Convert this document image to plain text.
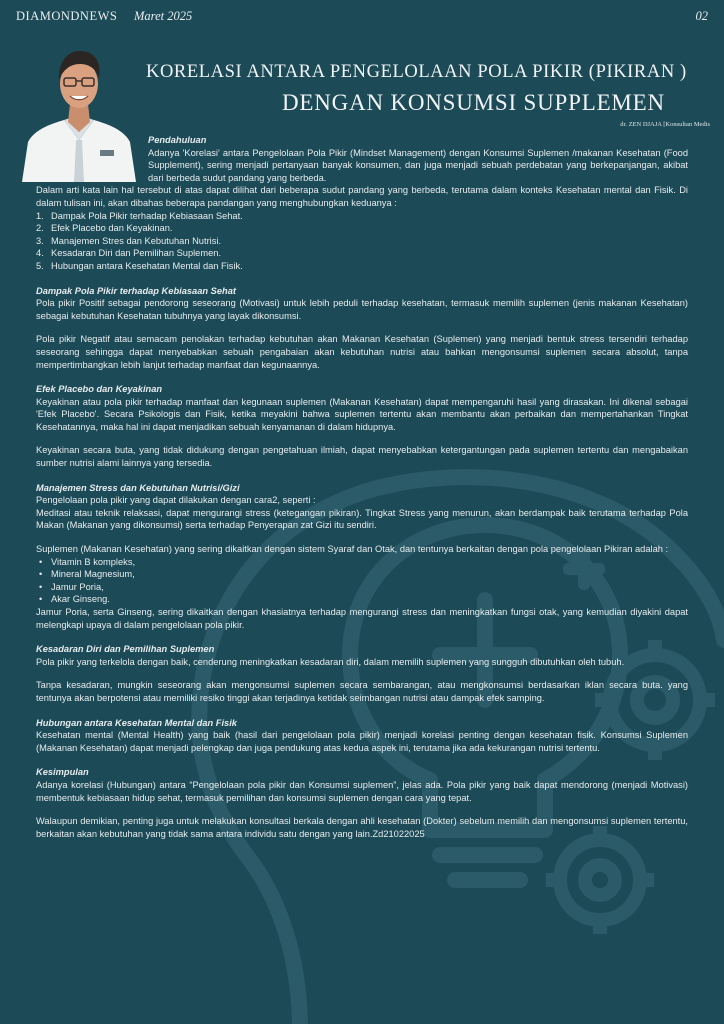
DIAMONDNEWS Maret 2025	02
KORELASI ANTARA PENGELOLAAN POLA PIKIR (PIKIRAN )
DENGAN KONSUMSI SUPPLEMEN
dr. ZEN DJAJA [Konsultan Medis

Pendahuluan

Adanya 'Korelasi' antara Pengelolaan Pola Pikir (Mindset Management) dengan Konsumsi Suplemen /makanan Kesehatan (Food Supplement), sering menjadi pertanyaan banyak konsumen, dan juga menjadi sebuah perdebatan yang berkepanjangan, akibat dari berbeda sudut pandang yang berbeda.

Dalam arti kata lain hal tersebut di atas dapat dilihat dari beberapa sudut pandang yang berbeda, terutama dalam konteks Kesehatan mental dan Fisik. Di dalam tulisan ini, akan dibahas beberapa pandangan yang menghubungkan keduanya :

1. Dampak Pola Pikir terhadap Kebiasaan Sehat.
2. Efek Placebo dan Keyakinan.
3. Manajemen Stres dan Kebutuhan Nutrisi.
4. Kesadaran Diri dan Pemilihan Suplemen.
5. Hubungan antara Kesehatan Mental dan Fisik.

Dampak Pola Pikir terhadap Kebiasaan Sehat

Pola pikir Positif sebagai pendorong seseorang (Motivasi) untuk lebih peduli terhadap kesehatan, termasuk memilih suplemen (jenis makanan Kesehatan) sebagai kebutuhan Kesehatan tubuhnya yang layak dikonsumsi.

Pola pikir Negatif atau semacam penolakan terhadap kebutuhan akan Makanan Kesehatan (Suplemen) yang menjadi bentuk stress tersendiri terhadap seseorang sehingga dapat menyebabkan sebuah pengabaian akan kebutuhan nutrisi atau bahkan mengonsumsi suplemen secara absolut, tanpa mempertimbangkan lebih lanjut terhadap manfaat dan kegunaannya.

Efek Placebo dan Keyakinan

Keyakinan atau pola pikir terhadap manfaat dan kegunaan suplemen (Makanan Kesehatan) dapat mempengaruhi hasil yang dirasakan. Ini dikenal sebagai 'Efek Placebo'. Secara Psikologis dan Fisik, ketika meyakini bahwa suplemen tertentu akan membantu akan perbaikan dan mempertahankan Tingkat Kesehatannya, maka hal ini dapat menjadikan sebuah kenyamanan di dalam hidupnya.

Keyakinan secara buta, yang tidak didukung dengan pengetahuan ilmiah, dapat menyebabkan ketergantungan pada suplemen tertentu dan mengabaikan sumber nutrisi alami lainnya yang tersedia.

Manajemen Stress dan Kebutuhan Nutrisi/Gizi

Pengelolaan pola pikir yang dapat dilakukan dengan cara2, seperti :

Meditasi atau teknik relaksasi, dapat mengurangi stress (ketegangan pikiran). Tingkat Stress yang menurun, akan berdampak baik terutama terhadap Pola Makan (Makanan yang dikonsumsi) serta terhadap Penyerapan zat Gizi itu sendiri.

Suplemen (Makanan Kesehatan) yang sering dikaitkan dengan sistem Syaraf dan Otak, dan tentunya berkaitan dengan pola pengelolaan Pikiran adalah :

• Vitamin B kompleks,
• Mineral Magnesium,
• Jamur Poria,
• Akar Ginseng.

Jamur Poria, serta Ginseng, sering dikaitkan dengan khasiatnya terhadap mengurangi stress dan meningkatkan fungsi otak, yang kemudian diyakini dapat melengkapi upaya di dalam pengelolaan pola pikir.

Kesadaran Diri dan Pemilihan Suplemen

Pola pikir yang terkelola dengan baik, cenderung meningkatkan kesadaran diri, dalam memilih suplemen yang sungguh dibutuhkan oleh tubuh.

Tanpa kesadaran, mungkin seseorang akan mengonsumsi suplemen secara sembarangan, atau mengkonsumsi berdasarkan iklan secara buta. yang tentunya akan berpotensi atau memiliki resiko tinggi akan terjadinya ketidak seimbangan nutrisi atau dampak efek samping.

Hubungan antara Kesehatan Mental dan Fisik

Kesehatan mental (Mental Health) yang baik (hasil dari pengelolaan pola pikir) menjadi korelasi penting dengan kesehatan fisik. Konsumsi Suplemen (Makanan Kesehatan) dapat menjadi pelengkap dan juga pendukung atas kedua aspek ini, terutama jika ada kekurangan nutrisi tertentu.

Kesimpulan

Adanya korelasi (Hubungan) antara “Pengelolaan pola pikir dan Konsumsi suplemen”, jelas ada. Pola pikir yang baik dapat mendorong (menjadi Motivasi) membentuk kebiasaan hidup sehat, termasuk pemilihan dan konsumsi suplemen dengan cara yang tepat.

Walaupun demikian, penting juga untuk melakukan konsultasi berkala dengan ahli kesehatan (Dokter) sebelum memilih dan mengonsumsi suplemen tertentu, berkaitan akan kebutuhan yang tidak sama antara individu satu dengan yang lain.Zd21022025
